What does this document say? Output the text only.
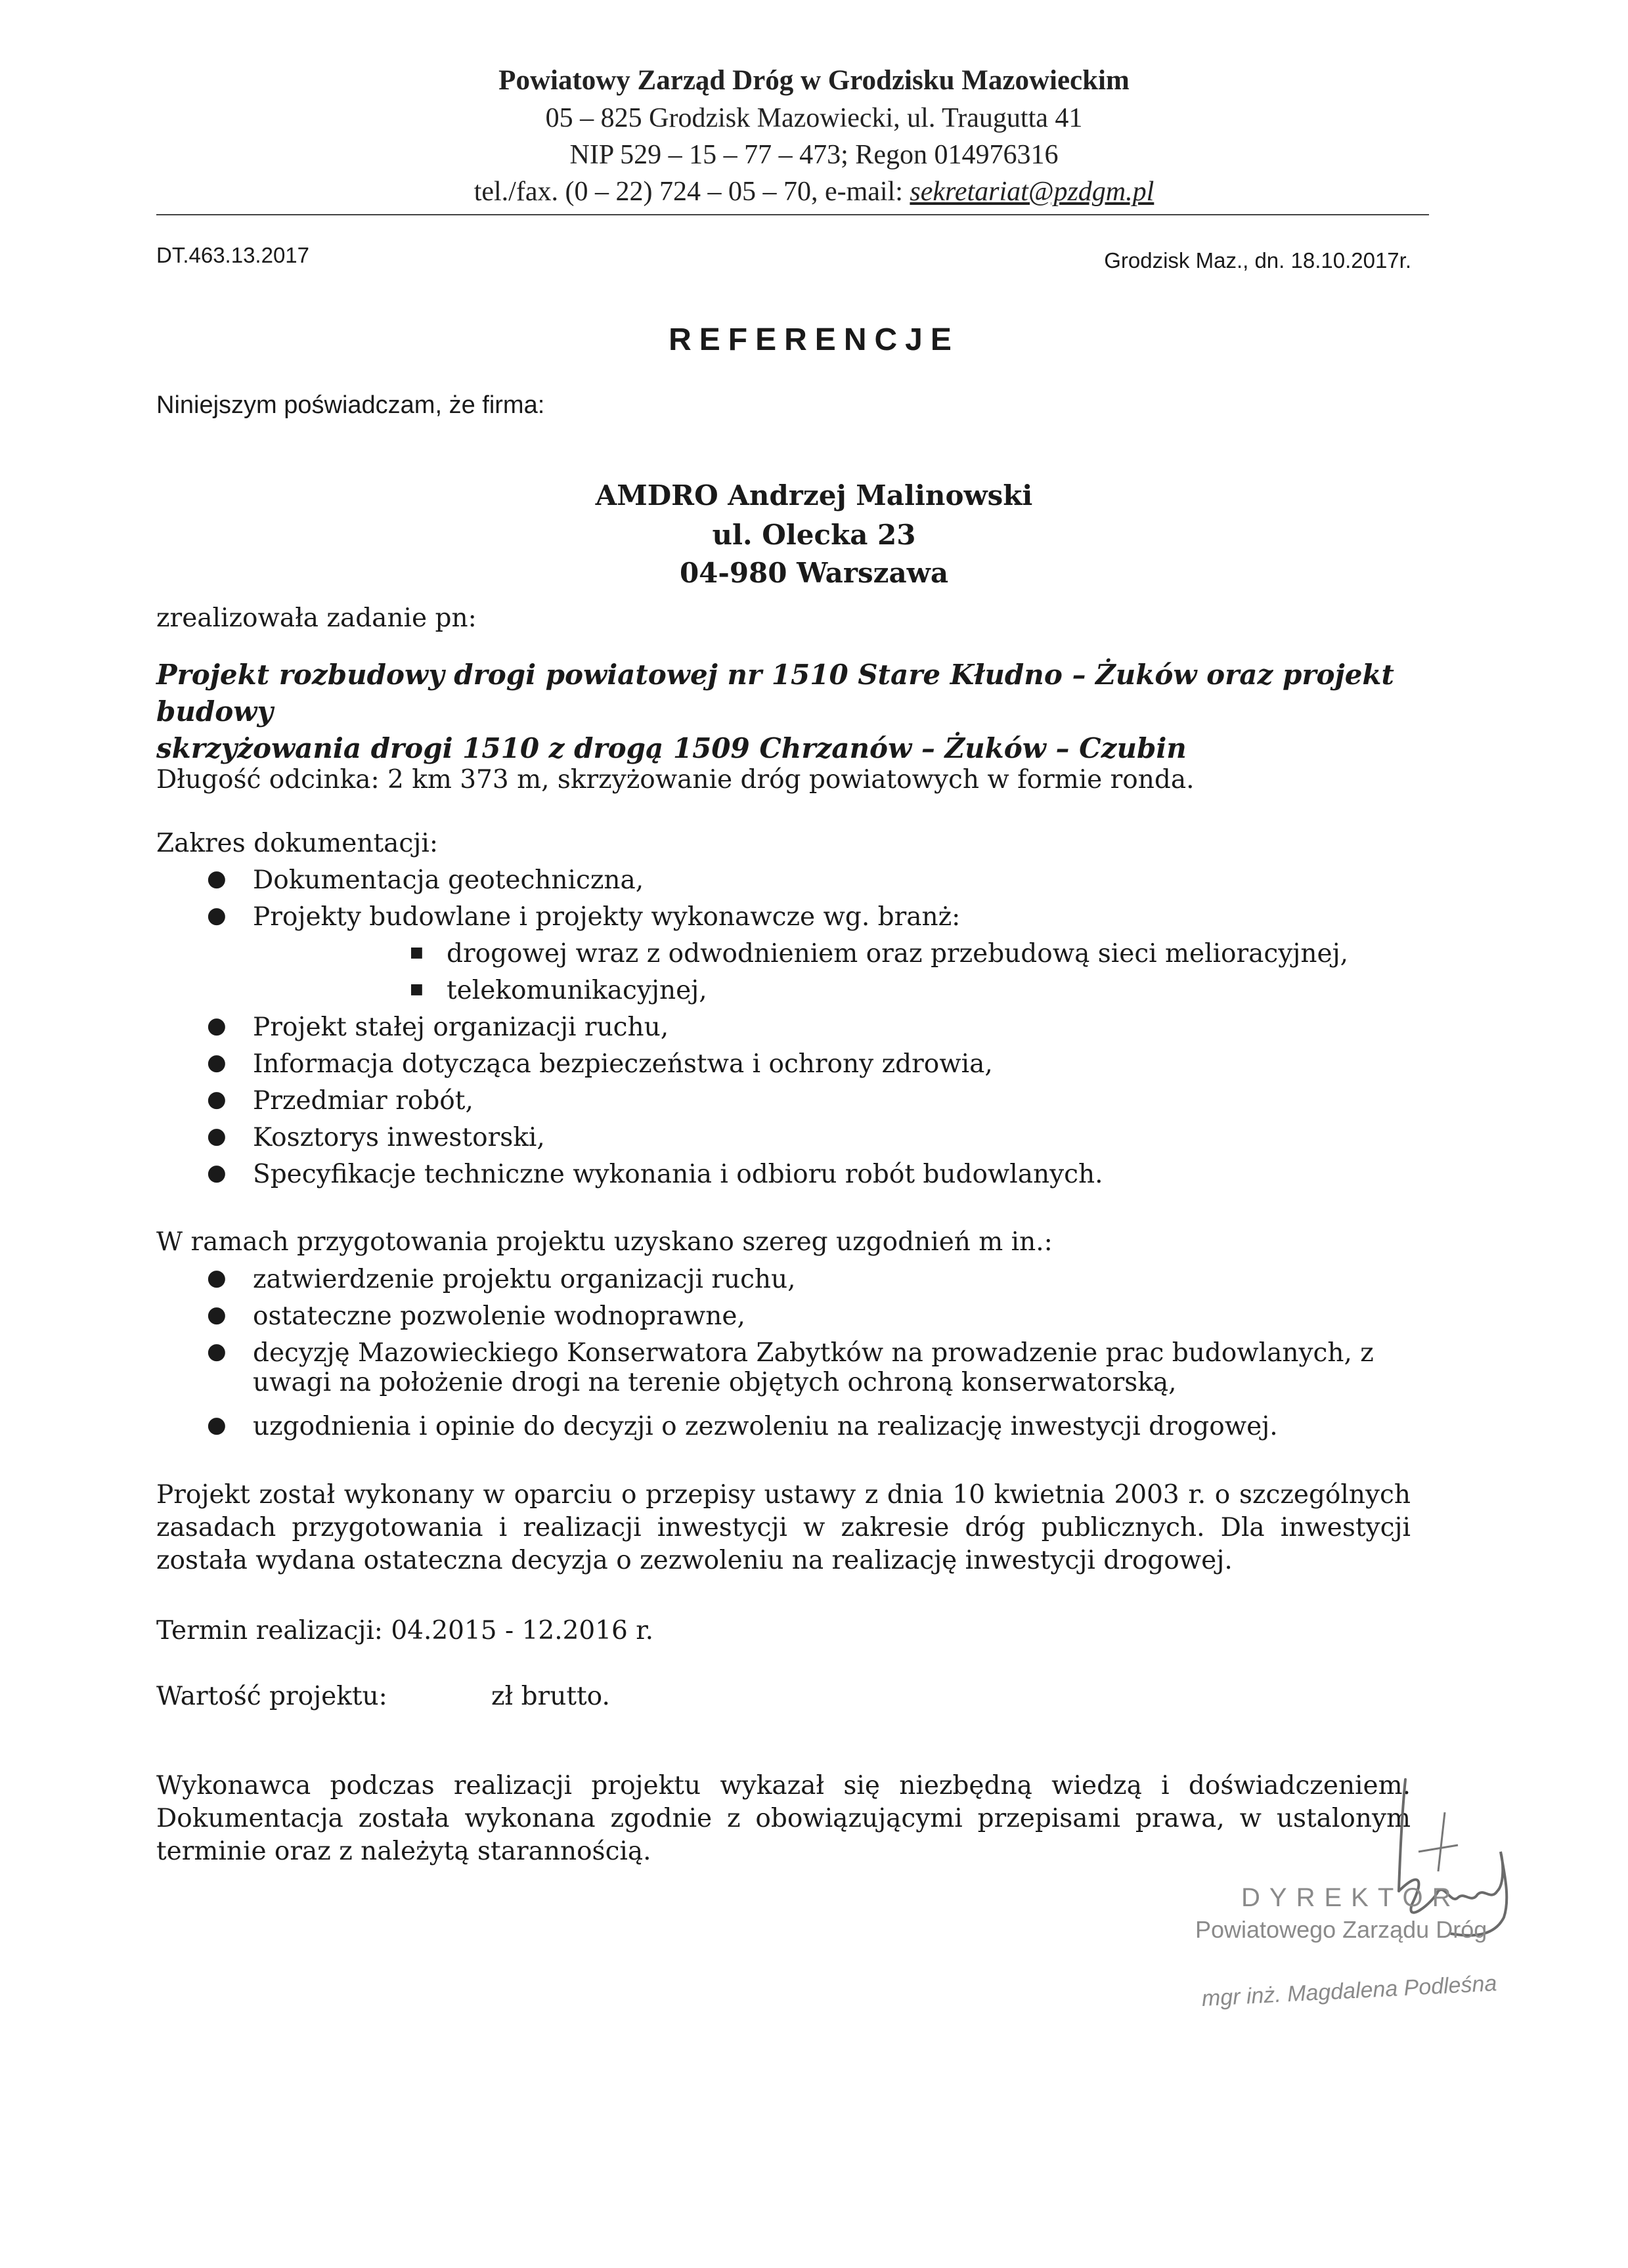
Powiatowy Zarząd Dróg w Grodzisku Mazowieckim
05 – 825 Grodzisk Mazowiecki, ul. Traugutta 41
NIP 529 – 15 – 77 – 473; Regon 014976316
tel./fax. (0 – 22) 724 – 05 – 70, e-mail: sekretariat@pzdgm.pl
DT.463.13.2017	Grodzisk Maz., dn. 18.10.2017r.
REFERENCJE
Niniejszym poświadczam, że firma:
AMDRO Andrzej Malinowski
ul. Olecka 23
04-980 Warszawa
zrealizowała zadanie pn:
Projekt rozbudowy drogi powiatowej nr 1510 Stare Kłudno – Żuków oraz projekt budowy
skrzyżowania drogi 1510 z drogą 1509 Chrzanów – Żuków – Czubin
Długość odcinka: 2 km 373 m, skrzyżowanie dróg powiatowych w formie ronda.
Zakres dokumentacji:
● Dokumentacja geotechniczna,
● Projekty budowlane i projekty wykonawcze wg. branż:
■ drogowej wraz z odwodnieniem oraz przebudową sieci melioracyjnej,
■ telekomunikacyjnej,
● Projekt stałej organizacji ruchu,
● Informacja dotycząca bezpieczeństwa i ochrony zdrowia,
● Przedmiar robót,
● Kosztorys inwestorski,
● Specyfikacje techniczne wykonania i odbioru robót budowlanych.
W ramach przygotowania projektu uzyskano szereg uzgodnień m in.:
● zatwierdzenie projektu organizacji ruchu,
● ostateczne pozwolenie wodnoprawne,
● decyzję Mazowieckiego Konserwatora Zabytków na prowadzenie prac budowlanych, z
uwagi na położenie drogi na terenie objętych ochroną konserwatorską,
● uzgodnienia i opinie do decyzji o zezwoleniu na realizację inwestycji drogowej.
Projekt został wykonany w oparciu o przepisy ustawy z dnia 10 kwietnia 2003 r. o szczególnych zasadach przygotowania i realizacji inwestycji w zakresie dróg publicznych. Dla inwestycji została wydana ostateczna decyzja o zezwoleniu na realizację inwestycji drogowej.
Termin realizacji: 04.2015 - 12.2016 r.
Wartość projektu:	zł brutto.
Wykonawca podczas realizacji projektu wykazał się niezbędną wiedzą i doświadczeniem. Dokumentacja została wykonana zgodnie z obowiązującymi przepisami prawa, w ustalonym terminie oraz z należytą starannością.
DYREKTOR
Powiatowego Zarządu Dróg
mgr inż. Magdalena Podleśna
